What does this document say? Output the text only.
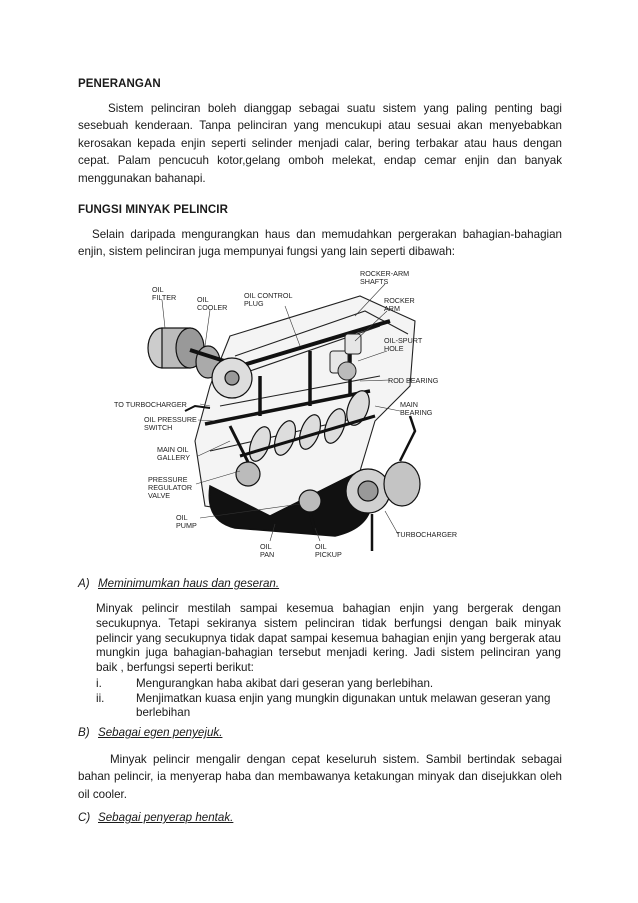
PENERANGAN
Sistem pelinciran boleh dianggap sebagai suatu sistem yang paling penting bagi sesebuah kenderaan. Tanpa pelinciran yang mencukupi atau sesuai akan menyebabkan kerosakan kepada enjin seperti selinder menjadi calar, bering terbakar atau haus dengan cepat. Palam pencucuh kotor,gelang omboh melekat, endap cemar enjin dan banyak menggunakan bahanapi.
FUNGSI MINYAK PELINCIR
Selain daripada mengurangkan haus dan memudahkan pergerakan bahagian-bahagian enjin, sistem pelinciran juga mempunyai fungsi yang lain seperti dibawah:
OIL
FILTER	OIL
COOLER
OIL CONTROL
PLUG
ROCKER-ARM
SHAFTS
ROCKER
ARM
OIL-SPURT
HOLE
ROD BEARING
MAIN
BEARING
TO TURBOCHARGER
OIL PRESSURE
SWITCH
MAIN OIL
GALLERY
PRESSURE
REGULATOR
VALVE
OIL
PUMP
OIL
PAN
OIL
PICKUP
TURBOCHARGER
A) Meminimumkan haus dan geseran.
Minyak pelincir mestilah sampai kesemua bahagian enjin yang bergerak dengan secukupnya. Tetapi sekiranya sistem pelinciran tidak berfungsi dengan baik minyak pelincir yang secukupnya tidak dapat sampai kesemua bahagian enjin yang bergerak atau mungkin juga bahagian-bahagian tersebut menjadi kering. Jadi sistem pelinciran yang baik , berfungsi seperti berikut:
i.	Mengurangkan haba akibat dari geseran yang berlebihan.
ii.	Menjimatkan kuasa enjin yang mungkin digunakan untuk melawan geseran yang berlebihan
B) Sebagai egen penyejuk.
Minyak pelincir mengalir dengan cepat keseluruh sistem. Sambil bertindak sebagai bahan pelincir, ia menyerap haba dan membawanya ketakungan minyak dan disejukkan oleh oil cooler.
C) Sebagai penyerap hentak.
